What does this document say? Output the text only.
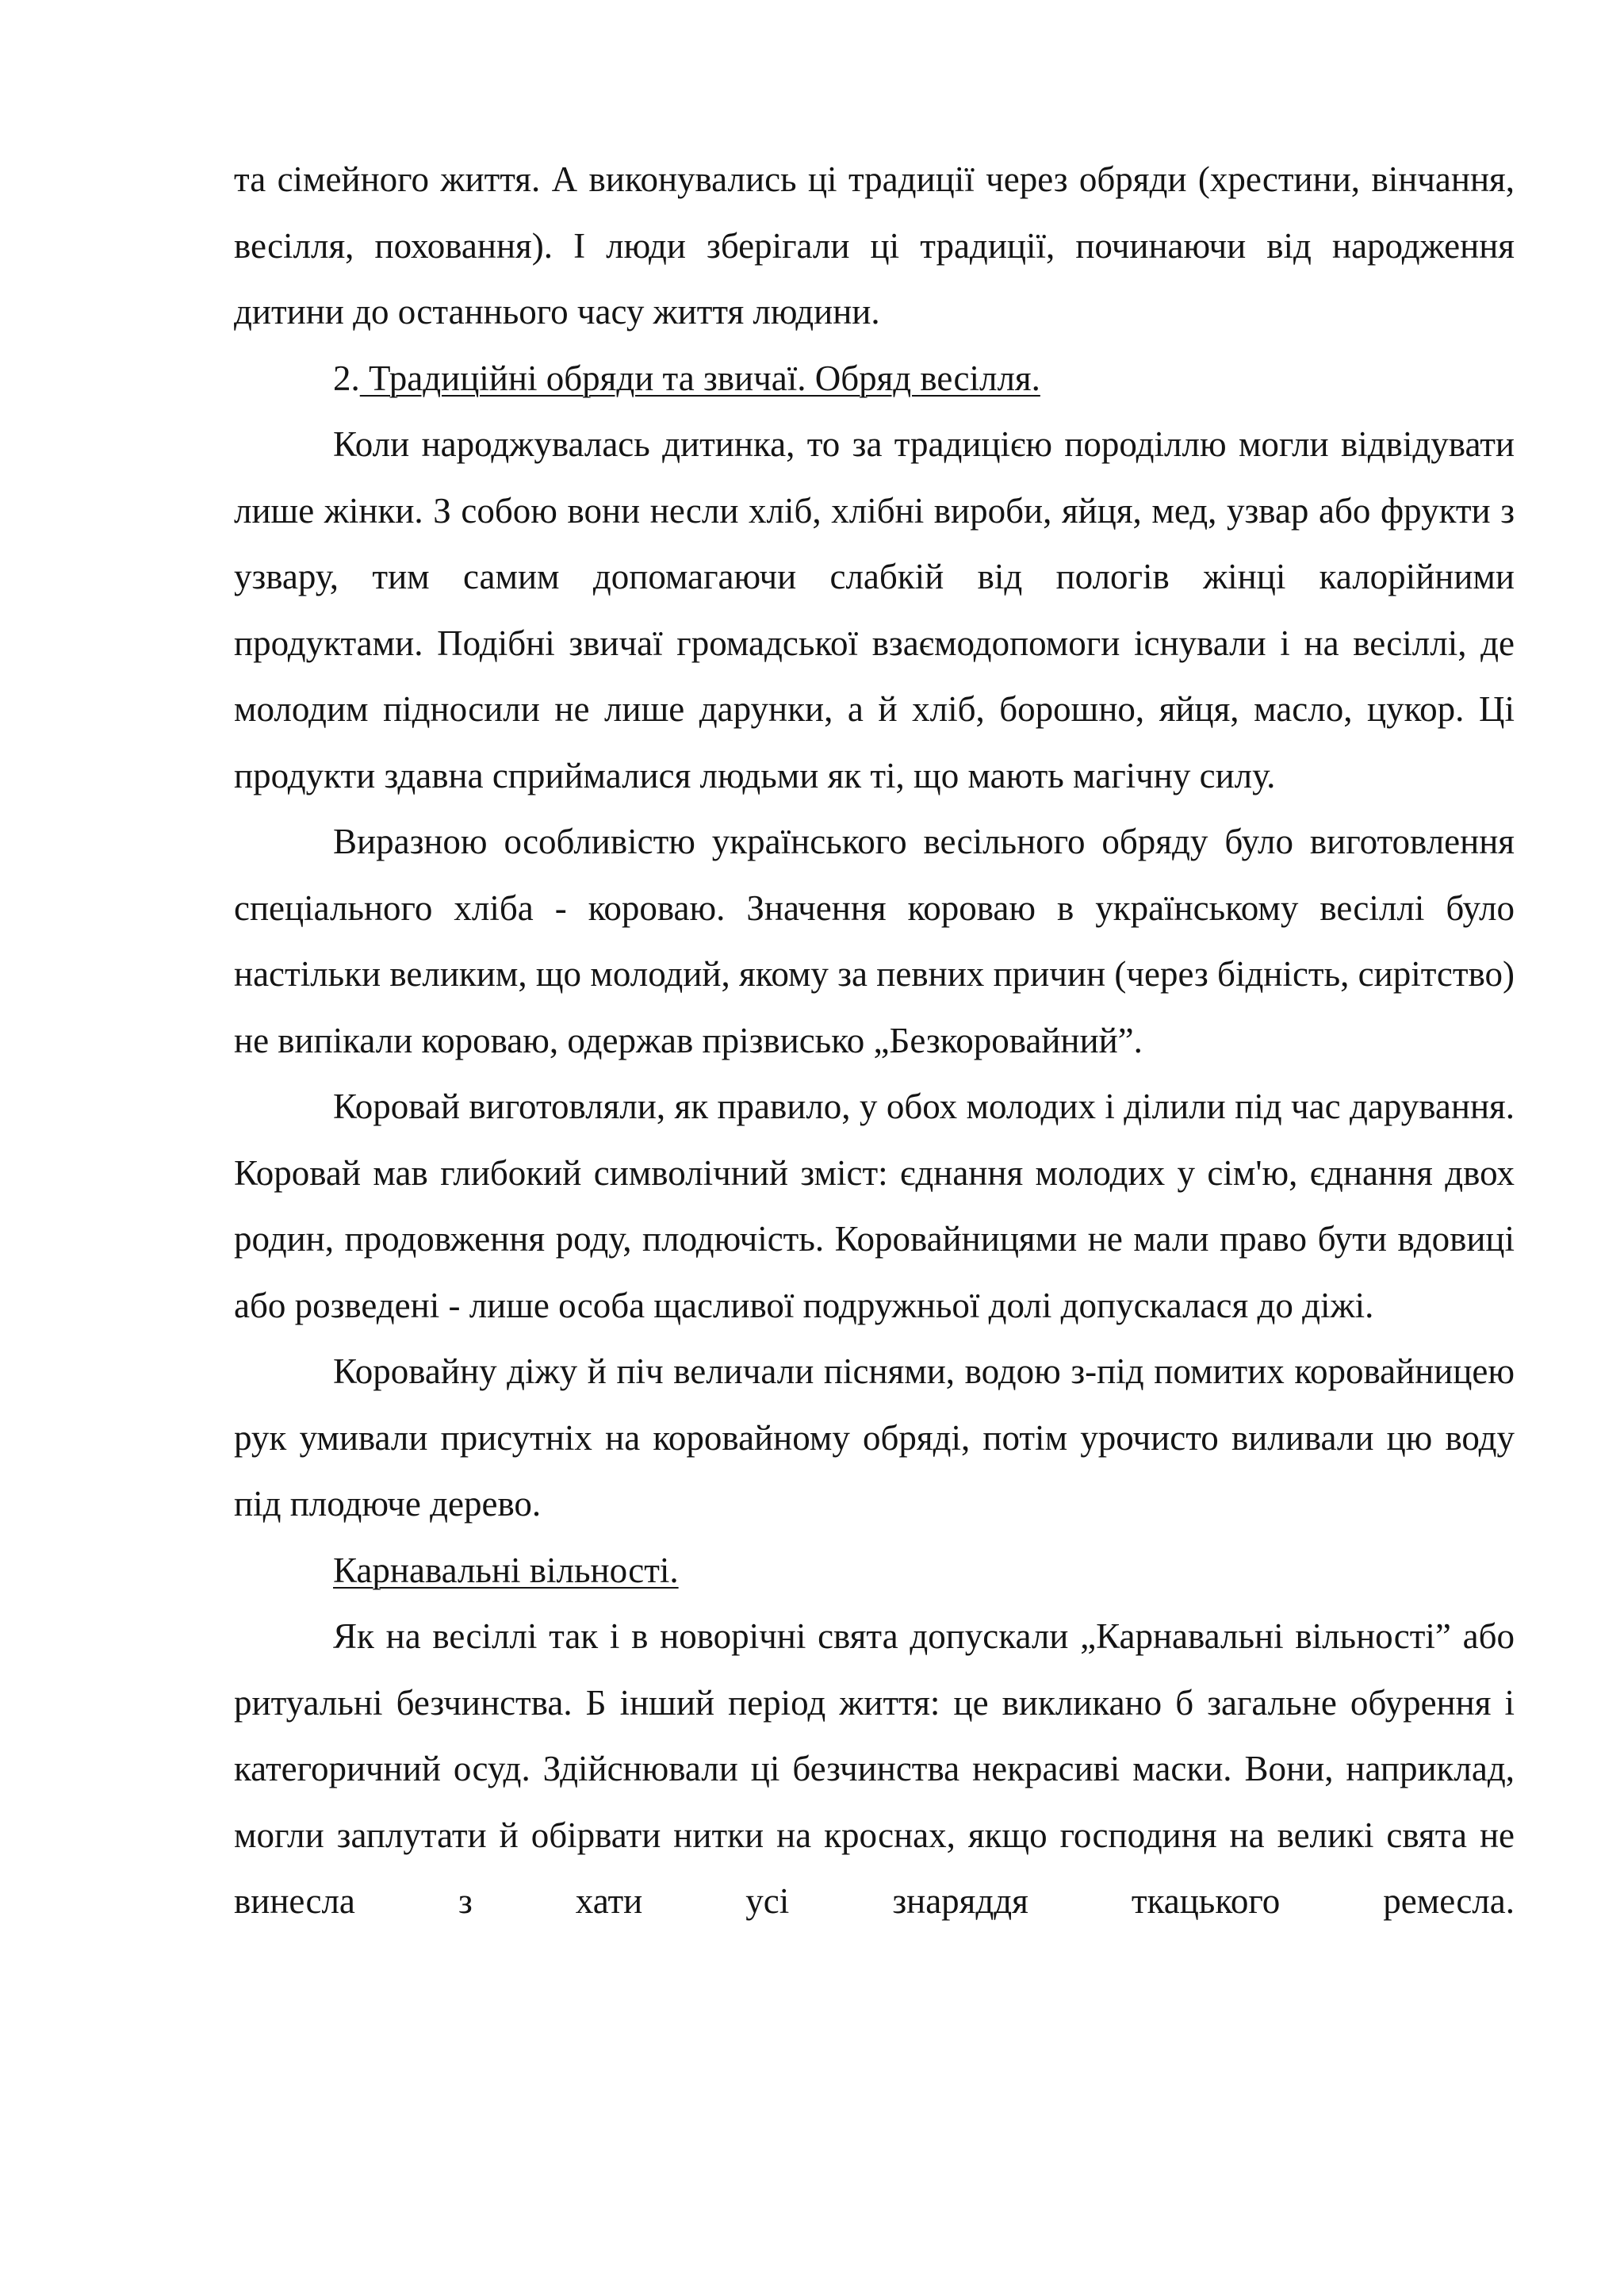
та сімейного життя. А виконувались ці традиції через обряди (хрестини, вінчання, весілля, поховання). І люди зберігали ці традиції, починаючи від народження дитини до останнього часу життя людини.

2. Традиційні обряди та звичаї. Обряд весілля.

Коли народжувалась дитинка, то за традицією породіллю могли відвідувати лише жінки. З собою вони несли хліб, хлібні вироби, яйця, мед, узвар або фрукти з узвару, тим самим допомагаючи слабкій від пологів жінці калорійними продуктами. Подібні звичаї громадської взаємодопомоги існували і на весіллі, де молодим підносили не лише дарунки, а й хліб, борошно, яйця, масло, цукор. Ці продукти здавна сприймалися людьми як ті, що мають магічну силу.

Виразною особливістю українського весільного обряду було виготовлення спеціального хліба - короваю. Значення короваю в українському весіллі було настільки великим, що молодий, якому за певних причин (через бідність, сирітство) не випікали короваю, одержав прізвисько „Безкоровайний”.

Коровай виготовляли, як правило, у обох молодих і ділили під час дарування. Коровай мав глибокий символічний зміст: єднання молодих у сім'ю, єднання двох родин, продовження роду, плодючість. Коровайницями не мали право бути вдовиці або розведені - лише особа щасливої подружньої долі допускалася до діжі.

Коровайну діжу й піч величали піснями, водою з-під помитих коровайницею рук умивали присутніх на коровайному обряді, потім урочисто виливали цю воду під плодюче дерево.

Карнавальні вільності.

Як на весіллі так і в новорічні свята допускали „Карнавальні вільності” або ритуальні безчинства. Б інший період життя: це викликано б загальне обурення і категоричний осуд. Здійснювали ці безчинства некрасиві маски. Вони, наприклад, могли заплутати й обірвати нитки на кроснах, якщо господиня на великі свята не винесла з хати усі знаряддя ткацького ремесла.
